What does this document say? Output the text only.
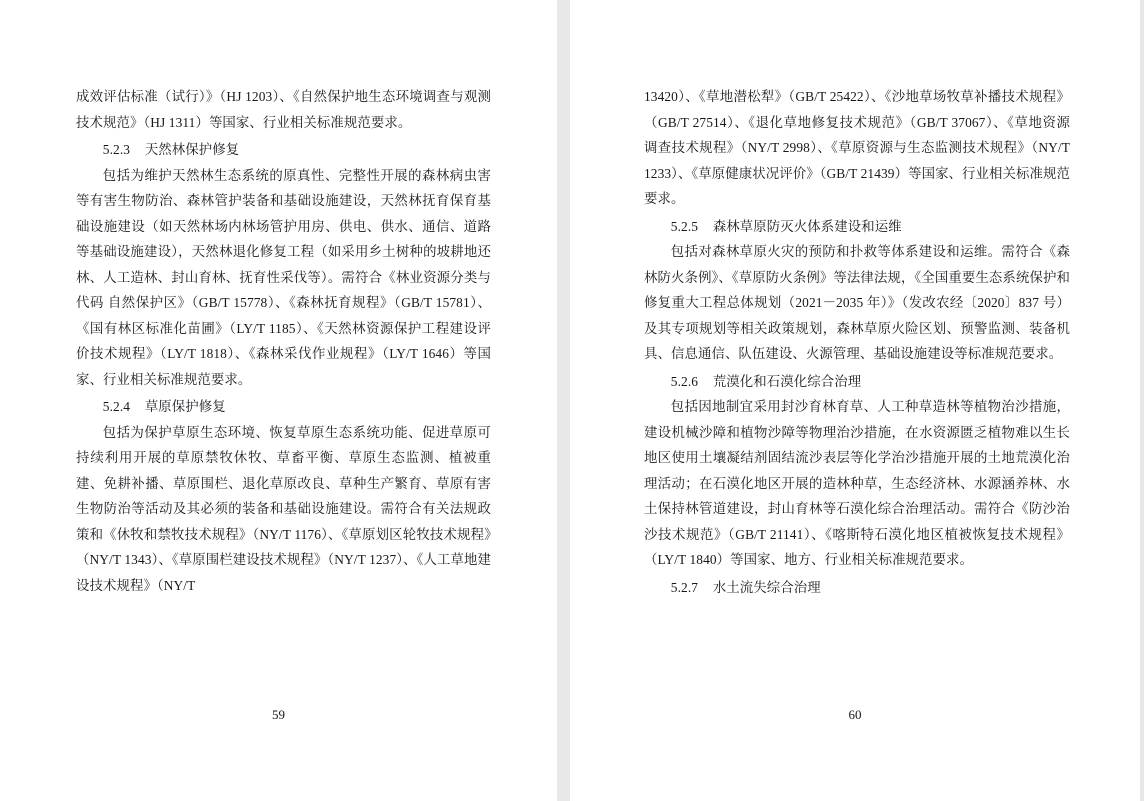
成效评估标准（试行）》（HJ 1203）、《自然保护地生态环境调查与观测技术规范》（HJ 1311）等国家、行业相关标准规范要求。

5.2.3 天然林保护修复

包括为维护天然林生态系统的原真性、完整性开展的森林病虫害等有害生物防治、森林管护装备和基础设施建设，天然林抚育保育基础设施建设（如天然林场内林场管护用房、供电、供水、通信、道路等基础设施建设），天然林退化修复工程（如采用乡土树种的坡耕地还林、人工造林、封山育林、抚育性采伐等）。需符合《林业资源分类与代码 自然保护区》（GB/T 15778）、《森林抚育规程》（GB/T 15781）、《国有林区标准化苗圃》（LY/T 1185）、《天然林资源保护工程建设评价技术规程》（LY/T 1818）、《森林采伐作业规程》（LY/T 1646）等国家、行业相关标准规范要求。

5.2.4 草原保护修复

包括为保护草原生态环境、恢复草原生态系统功能、促进草原可持续利用开展的草原禁牧休牧、草畜平衡、草原生态监测、植被重建、免耕补播、草原围栏、退化草原改良、草种生产繁育、草原有害生物防治等活动及其必须的装备和基础设施建设。需符合有关法规政策和《休牧和禁牧技术规程》（NY/T 1176）、《草原划区轮牧技术规程》（NY/T 1343）、《草原围栏建设技术规程》（NY/T 1237）、《人工草地建设技术规程》（NY/T

59

13420）、《草地潜松犁》（GB/T 25422）、《沙地草场牧草补播技术规程》（GB/T 27514）、《退化草地修复技术规范》（GB/T 37067）、《草地资源调查技术规程》（NY/T 2998）、《草原资源与生态监测技术规程》（NY/T 1233）、《草原健康状况评价》（GB/T 21439）等国家、行业相关标准规范要求。

5.2.5 森林草原防灭火体系建设和运维

包括对森林草原火灾的预防和扑救等体系建设和运维。需符合《森林防火条例》、《草原防火条例》等法律法规，《全国重要生态系统保护和修复重大工程总体规划（2021－2035 年）》（发改农经〔2020〕837 号）及其专项规划等相关政策规划，森林草原火险区划、预警监测、装备机具、信息通信、队伍建设、火源管理、基础设施建设等标准规范要求。

5.2.6 荒漠化和石漠化综合治理

包括因地制宜采用封沙育林育草、人工种草造林等植物治沙措施，建设机械沙障和植物沙障等物理治沙措施，在水资源匮乏植物难以生长地区使用土壤凝结剂固结流沙表层等化学治沙措施开展的土地荒漠化治理活动；在石漠化地区开展的造林种草，生态经济林、水源涵养林、水土保持林管道建设，封山育林等石漠化综合治理活动。需符合《防沙治沙技术规范》（GB/T 21141）、《喀斯特石漠化地区植被恢复技术规程》（LY/T 1840）等国家、地方、行业相关标准规范要求。

5.2.7 水土流失综合治理

60
